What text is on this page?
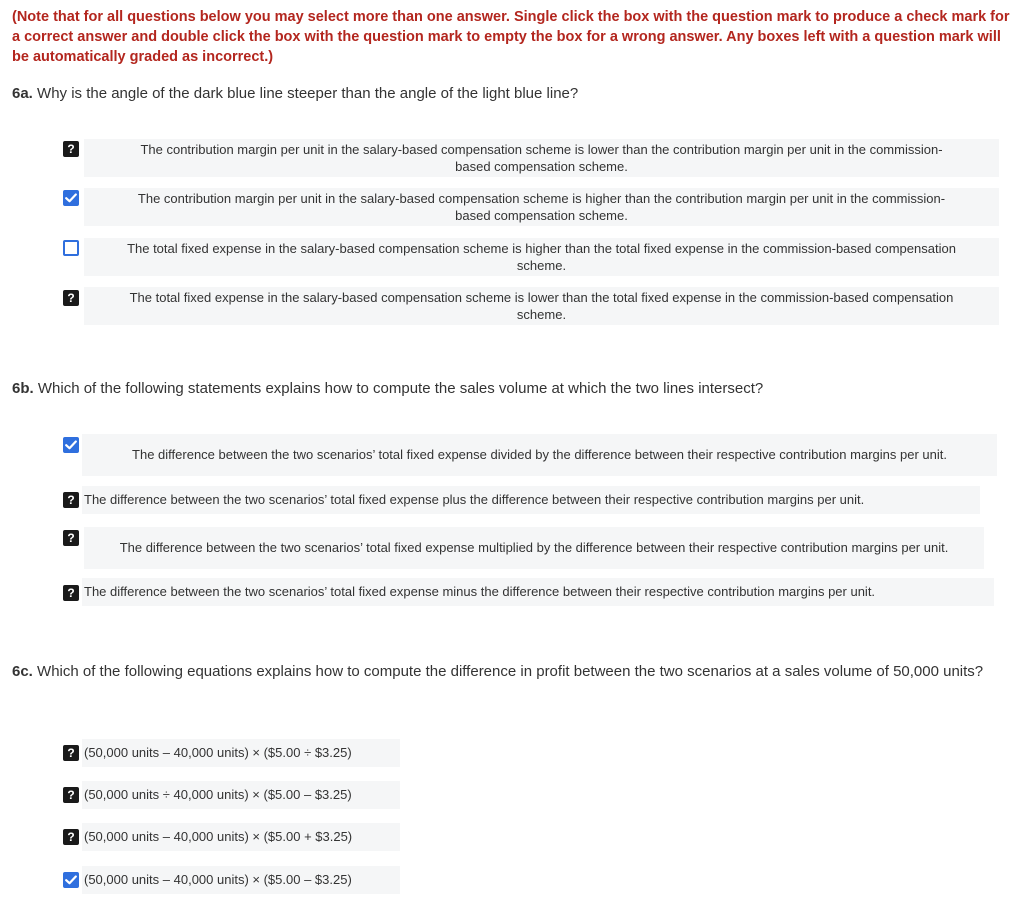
(Note that for all questions below you may select more than one answer. Single click the box with the question mark to produce a check mark for a correct answer and double click the box with the question mark to empty the box for a wrong answer. Any boxes left with a question mark will be automatically graded as incorrect.)

6a. Why is the angle of the dark blue line steeper than the angle of the light blue line?
?	The contribution margin per unit in the salary-based compensation scheme is lower than the contribution margin per unit in the commission-based compensation scheme.
The contribution margin per unit in the salary-based compensation scheme is higher than the contribution margin per unit in the commission-based compensation scheme.
The total fixed expense in the salary-based compensation scheme is higher than the total fixed expense in the commission-based compensation scheme.
?	The total fixed expense in the salary-based compensation scheme is lower than the total fixed expense in the commission-based compensation scheme.
6b. Which of the following statements explains how to compute the sales volume at which the two lines intersect?
The difference between the two scenarios’ total fixed expense divided by the difference between their respective contribution margins per unit.
? The difference between the two scenarios’ total fixed expense plus the difference between their respective contribution margins per unit.
?
The difference between the two scenarios’ total fixed expense multiplied by the difference between their respective contribution margins per unit.
? The difference between the two scenarios’ total fixed expense minus the difference between their respective contribution margins per unit.
6c. Which of the following equations explains how to compute the difference in profit between the two scenarios at a sales volume of 50,000 units?
? (50,000 units – 40,000 units) × ($5.00 ÷ $3.25)
? (50,000 units ÷ 40,000 units) × ($5.00 – $3.25)
? (50,000 units – 40,000 units) × ($5.00 + $3.25)
(50,000 units – 40,000 units) × ($5.00 – $3.25)
